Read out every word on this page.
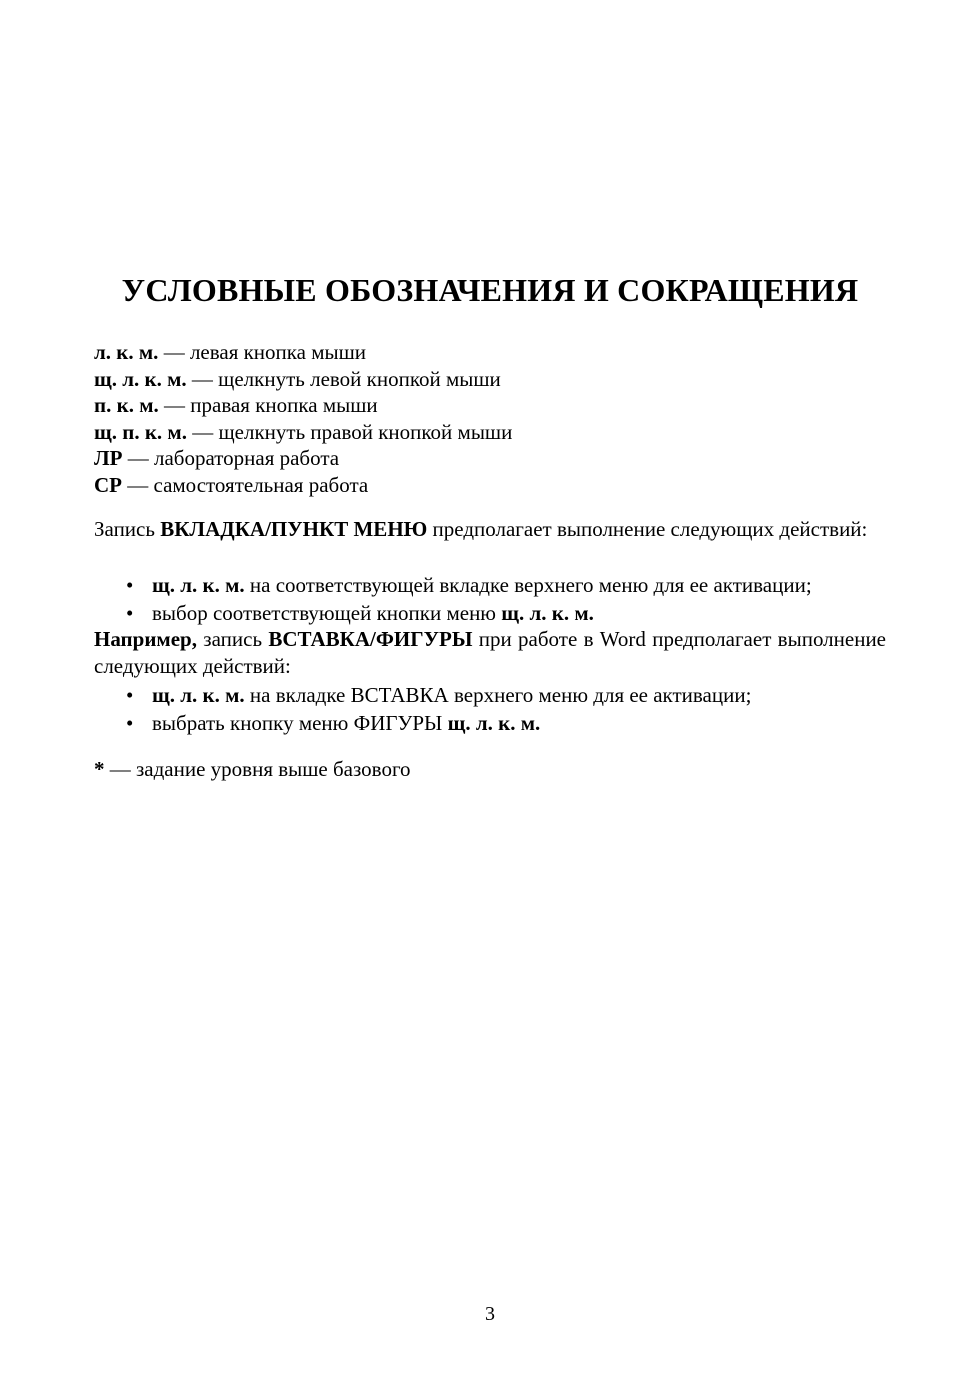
УСЛОВНЫЕ ОБОЗНАЧЕНИЯ И СОКРАЩЕНИЯ
л. к. м. — левая кнопка мыши
щ. л. к. м. — щелкнуть левой кнопкой мыши
п. к. м. — правая кнопка мыши
щ. п. к. м. — щелкнуть правой кнопкой мыши
ЛР — лабораторная работа
СР — самостоятельная работа

Запись ВКЛАДКА/ПУНКТ МЕНЮ предполагает выполнение следующих действий:

• щ. л. к. м. на соответствующей вкладке верхнего меню для ее активации;
• выбор соответствующей кнопки меню щ. л. к. м.

Например, запись ВСТАВКА/ФИГУРЫ при работе в Word предполагает выполнение следующих действий:

• щ. л. к. м. на вкладке ВСТАВКА верхнего меню для ее активации;
• выбрать кнопку меню ФИГУРЫ щ. л. к. м.

* — задание уровня выше базового

3
